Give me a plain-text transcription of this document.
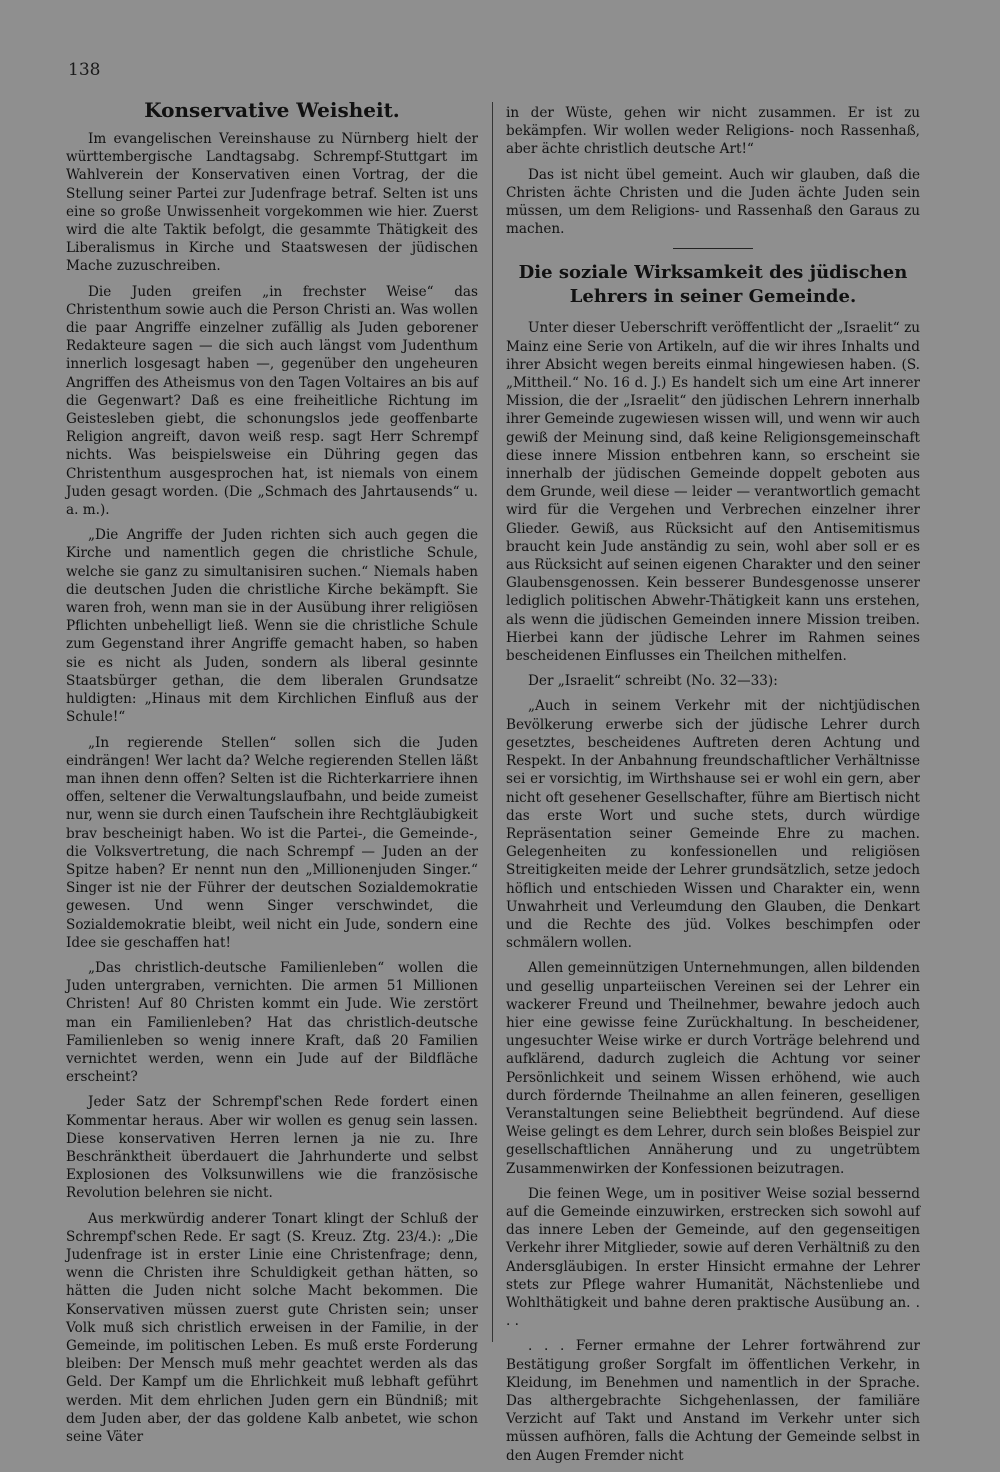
138

Konservative Weisheit.

Im evangelischen Vereinshause zu Nürnberg hielt der württembergische Landtagsabg. Schrempf-Stuttgart im Wahlverein der Konservativen einen Vortrag, der die Stellung seiner Partei zur Judenfrage betraf. Selten ist uns eine so große Unwissenheit vorgekommen wie hier. Zuerst wird die alte Taktik befolgt, die gesammte Thätigkeit des Liberalismus in Kirche und Staatswesen der jüdischen Mache zuzuschreiben.

Die Juden greifen „in frechster Weise“ das Christenthum sowie auch die Person Christi an. Was wollen die paar Angriffe einzelner zufällig als Juden geborener Redakteure sagen — die sich auch längst vom Judenthum innerlich losgesagt haben —, gegenüber den ungeheuren Angriffen des Atheismus von den Tagen Voltaires an bis auf die Gegenwart? Daß es eine freiheitliche Richtung im Geistesleben giebt, die schonungslos jede geoffenbarte Religion angreift, davon weiß resp. sagt Herr Schrempf nichts. Was beispielsweise ein Dühring gegen das Christenthum ausgesprochen hat, ist niemals von einem Juden gesagt worden. (Die „Schmach des Jahrtausends“ u. a. m.).

„Die Angriffe der Juden richten sich auch gegen die Kirche und namentlich gegen die christliche Schule, welche sie ganz zu simultanisiren suchen.“ Niemals haben die deutschen Juden die christliche Kirche bekämpft. Sie waren froh, wenn man sie in der Ausübung ihrer religiösen Pflichten unbehelligt ließ. Wenn sie die christliche Schule zum Gegenstand ihrer Angriffe gemacht haben, so haben sie es nicht als Juden, sondern als liberal gesinnte Staatsbürger gethan, die dem liberalen Grundsatze huldigten: „Hinaus mit dem Kirchlichen Einfluß aus der Schule!“

„In regierende Stellen“ sollen sich die Juden eindrängen! Wer lacht da? Welche regierenden Stellen läßt man ihnen denn offen? Selten ist die Richterkarriere ihnen offen, seltener die Verwaltungslaufbahn, und beide zumeist nur, wenn sie durch einen Taufschein ihre Rechtgläubigkeit brav bescheinigt haben. Wo ist die Partei-, die Gemeinde-, die Volksvertretung, die nach Schrempf — Juden an der Spitze haben? Er nennt nun den „Millionenjuden Singer.“ Singer ist nie der Führer der deutschen Sozialdemokratie gewesen. Und wenn Singer verschwindet, die Sozialdemokratie bleibt, weil nicht ein Jude, sondern eine Idee sie geschaffen hat!

„Das christlich-deutsche Familienleben“ wollen die Juden untergraben, vernichten. Die armen 51 Millionen Christen! Auf 80 Christen kommt ein Jude. Wie zerstört man ein Familienleben? Hat das christlich-deutsche Familienleben so wenig innere Kraft, daß 20 Familien vernichtet werden, wenn ein Jude auf der Bildfläche erscheint?

Jeder Satz der Schrempf'schen Rede fordert einen Kommentar heraus. Aber wir wollen es genug sein lassen. Diese konservativen Herren lernen ja nie zu. Ihre Beschränktheit überdauert die Jahrhunderte und selbst Explosionen des Volksunwillens wie die französische Revolution belehren sie nicht.

Aus merkwürdig anderer Tonart klingt der Schluß der Schrempf'schen Rede. Er sagt (S. Kreuz. Ztg. 23/4.): „Die Judenfrage ist in erster Linie eine Christenfrage; denn, wenn die Christen ihre Schuldigkeit gethan hätten, so hätten die Juden nicht solche Macht bekommen. Die Konservativen müssen zuerst gute Christen sein; unser Volk muß sich christlich erweisen in der Familie, in der Gemeinde, im politischen Leben. Es muß erste Forderung bleiben: Der Mensch muß mehr geachtet werden als das Geld. Der Kampf um die Ehrlichkeit muß lebhaft geführt werden. Mit dem ehrlichen Juden gern ein Bündniß; mit dem Juden aber, der das goldene Kalb anbetet, wie schon seine Väter

in der Wüste, gehen wir nicht zusammen. Er ist zu bekämpfen. Wir wollen weder Religions- noch Rassenhaß, aber ächte christlich deutsche Art!“

Das ist nicht übel gemeint. Auch wir glauben, daß die Christen ächte Christen und die Juden ächte Juden sein müssen, um dem Religions- und Rassenhaß den Garaus zu machen.

Die soziale Wirksamkeit des jüdischen Lehrers in seiner Gemeinde.

Unter dieser Ueberschrift veröffentlicht der „Israelit“ zu Mainz eine Serie von Artikeln, auf die wir ihres Inhalts und ihrer Absicht wegen bereits einmal hingewiesen haben. (S. „Mittheil.“ No. 16 d. J.) Es handelt sich um eine Art innerer Mission, die der „Israelit“ den jüdischen Lehrern innerhalb ihrer Gemeinde zugewiesen wissen will, und wenn wir auch gewiß der Meinung sind, daß keine Religionsgemeinschaft diese innere Mission entbehren kann, so erscheint sie innerhalb der jüdischen Gemeinde doppelt geboten aus dem Grunde, weil diese — leider — verantwortlich gemacht wird für die Vergehen und Verbrechen einzelner ihrer Glieder. Gewiß, aus Rücksicht auf den Antisemitismus braucht kein Jude anständig zu sein, wohl aber soll er es aus Rücksicht auf seinen eigenen Charakter und den seiner Glaubensgenossen. Kein besserer Bundesgenosse unserer lediglich politischen Abwehr-Thätigkeit kann uns erstehen, als wenn die jüdischen Gemeinden innere Mission treiben. Hierbei kann der jüdische Lehrer im Rahmen seines bescheidenen Einflusses ein Theilchen mithelfen.

Der „Israelit“ schreibt (No. 32—33):

„Auch in seinem Verkehr mit der nichtjüdischen Bevölkerung erwerbe sich der jüdische Lehrer durch gesetztes, bescheidenes Auftreten deren Achtung und Respekt. In der Anbahnung freundschaftlicher Verhältnisse sei er vorsichtig, im Wirthshause sei er wohl ein gern, aber nicht oft gesehener Gesellschafter, führe am Biertisch nicht das erste Wort und suche stets, durch würdige Repräsentation seiner Gemeinde Ehre zu machen. Gelegenheiten zu konfessionellen und religiösen Streitigkeiten meide der Lehrer grundsätzlich, setze jedoch höflich und entschieden Wissen und Charakter ein, wenn Unwahrheit und Verleumdung den Glauben, die Denkart und die Rechte des jüd. Volkes beschimpfen oder schmälern wollen.

Allen gemeinnützigen Unternehmungen, allen bildenden und gesellig unparteiischen Vereinen sei der Lehrer ein wackerer Freund und Theilnehmer, bewahre jedoch auch hier eine gewisse feine Zurückhaltung. In bescheidener, ungesuchter Weise wirke er durch Vorträge belehrend und aufklärend, dadurch zugleich die Achtung vor seiner Persönlichkeit und seinem Wissen erhöhend, wie auch durch fördernde Theilnahme an allen feineren, geselligen Veranstaltungen seine Beliebtheit begründend. Auf diese Weise gelingt es dem Lehrer, durch sein bloßes Beispiel zur gesellschaftlichen Annäherung und zu ungetrübtem Zusammenwirken der Konfessionen beizutragen.

Die feinen Wege, um in positiver Weise sozial bessernd auf die Gemeinde einzuwirken, erstrecken sich sowohl auf das innere Leben der Gemeinde, auf den gegenseitigen Verkehr ihrer Mitglieder, sowie auf deren Verhältniß zu den Andersgläubigen. In erster Hinsicht ermahne der Lehrer stets zur Pflege wahrer Humanität, Nächstenliebe und Wohlthätigkeit und bahne deren praktische Ausübung an. . . .

. . . Ferner ermahne der Lehrer fortwährend zur Bestätigung großer Sorgfalt im öffentlichen Verkehr, in Kleidung, im Benehmen und namentlich in der Sprache. Das althergebrachte Sichgehenlassen, der familiäre Verzicht auf Takt und Anstand im Verkehr unter sich müssen aufhören, falls die Achtung der Gemeinde selbst in den Augen Fremder nicht
